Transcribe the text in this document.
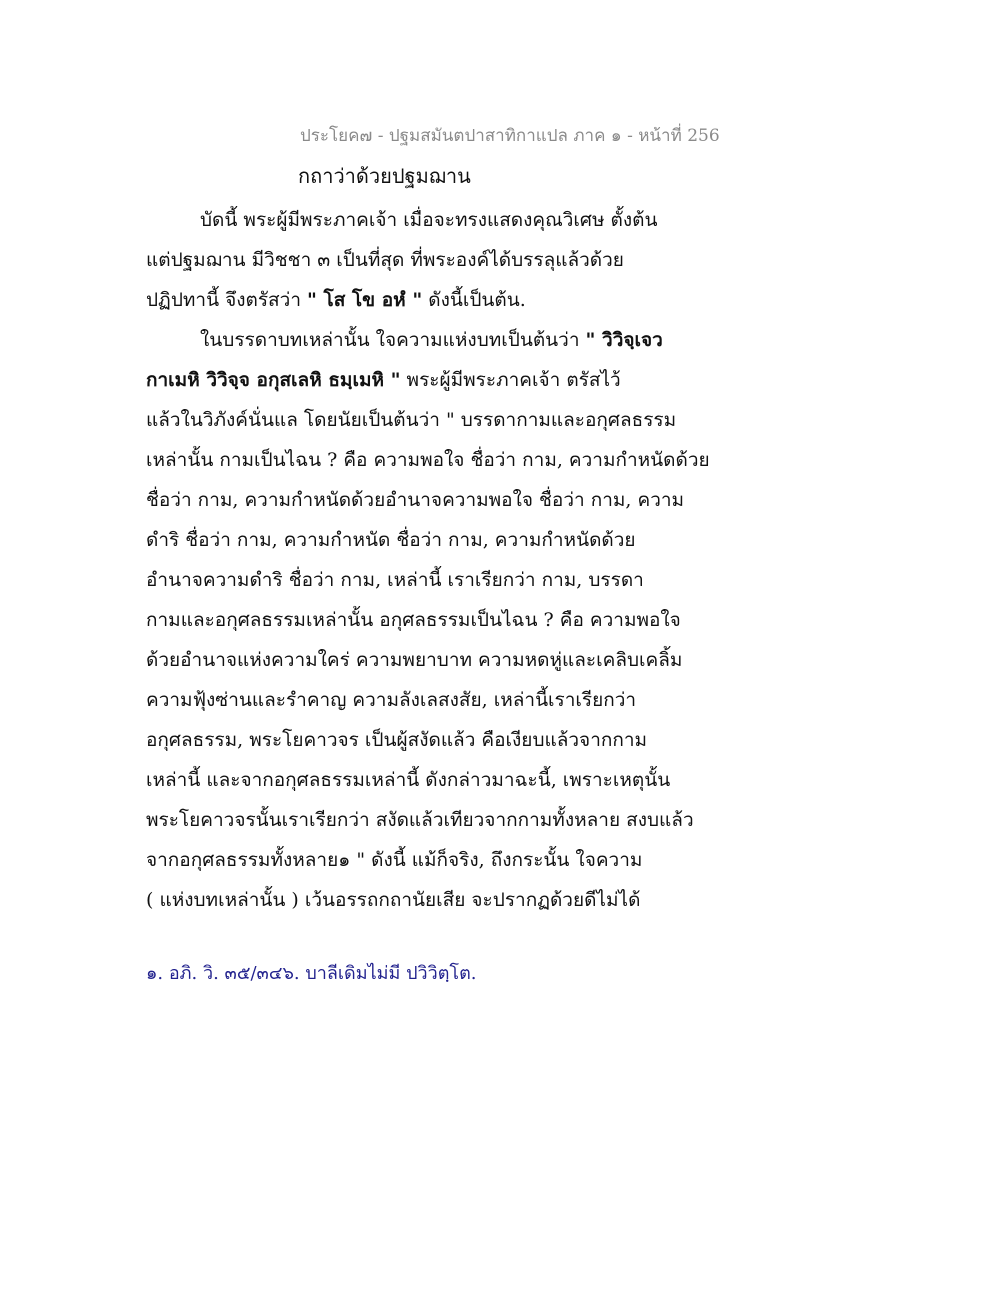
ประโยค๗ - ปฐมสมันตปาสาทิกาแปล ภาค ๑ - หน้าที่ 256
กถาว่าด้วยปฐมฌาน
บัดนี้ พระผู้มีพระภาคเจ้า เมื่อจะทรงแสดงคุณวิเศษ ตั้งต้น
แต่ปฐมฌาน มีวิชชา ๓ เป็นที่สุด ที่พระองค์ได้บรรลุแล้วด้วย
ปฏิปทานี้ จึงตรัสว่า " โส โข อหํ " ดังนี้เป็นต้น.
ในบรรดาบทเหล่านั้น ใจความแห่งบทเป็นต้นว่า " วิวิจฺเจว
กาเมหิ วิวิจฺจ อกุสเลหิ ธมฺเมหิ " พระผู้มีพระภาคเจ้า ตรัสไว้
แล้วในวิภังค์นั่นแล โดยนัยเป็นต้นว่า " บรรดากามและอกุศลธรรม
เหล่านั้น กามเป็นไฉน ? คือ ความพอใจ ชื่อว่า กาม, ความกำหนัดด้วย
ชื่อว่า กาม, ความกำหนัดด้วยอำนาจความพอใจ ชื่อว่า กาม, ความ
ดำริ ชื่อว่า กาม, ความกำหนัด ชื่อว่า กาม, ความกำหนัดด้วย
อำนาจความดำริ ชื่อว่า กาม, เหล่านี้ เราเรียกว่า กาม, บรรดา
กามและอกุศลธรรมเหล่านั้น อกุศลธรรมเป็นไฉน ? คือ ความพอใจ
ด้วยอำนาจแห่งความใคร่ ความพยาบาท ความหดหู่และเคลิบเคลิ้ม
ความฟุ้งซ่านและรำคาญ ความลังเลสงสัย, เหล่านี้เราเรียกว่า
อกุศลธรรม, พระโยคาวจร เป็นผู้สงัดแล้ว คือเงียบแล้วจากกาม
เหล่านี้ และจากอกุศลธรรมเหล่านี้ ดังกล่าวมาฉะนี้, เพราะเหตุนั้น
พระโยคาวจรนั้นเราเรียกว่า สงัดแล้วเทียวจากกามทั้งหลาย สงบแล้ว
จากอกุศลธรรมทั้งหลาย๑ " ดังนี้ แม้ก็จริง, ถึงกระนั้น ใจความ
( แห่งบทเหล่านั้น ) เว้นอรรถกถานัยเสีย จะปรากฏด้วยดีไม่ได้
๑. อภิ. วิ. ๓๕/๓๔๖. บาลีเดิมไม่มี ปวิวิตฺโต.
